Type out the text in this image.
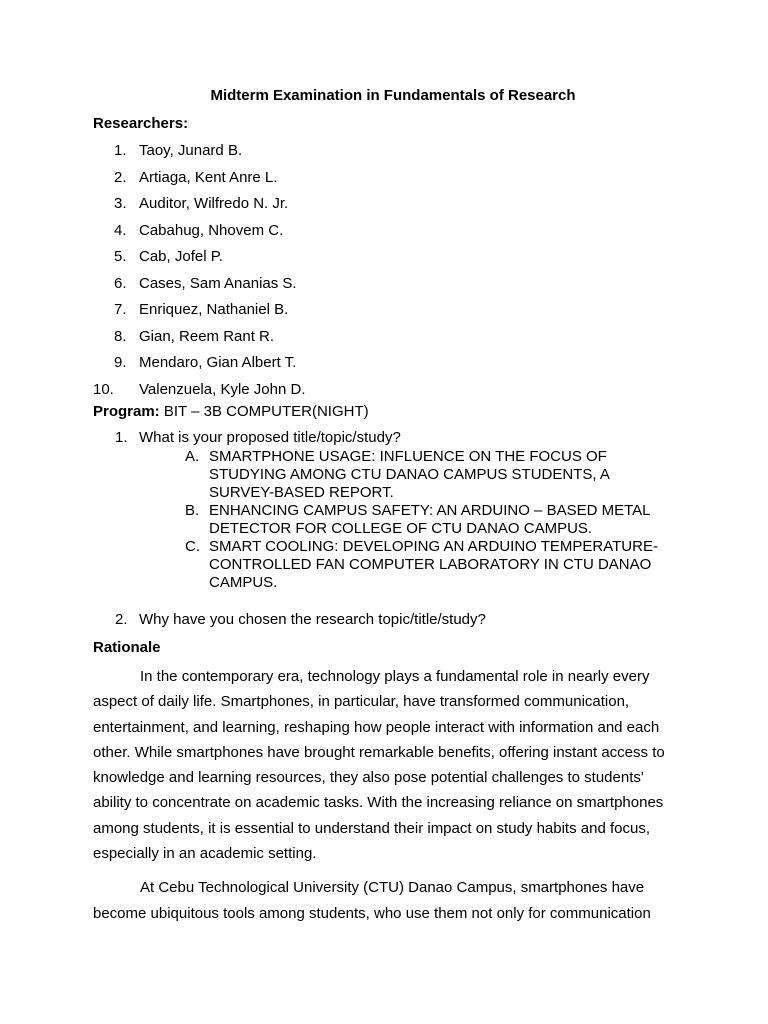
Midterm Examination in Fundamentals of Research

Researchers:

1. Taoy, Junard B.
2. Artiaga, Kent Anre L.
3. Auditor, Wilfredo N. Jr.
4. Cabahug, Nhovem C.
5. Cab, Jofel P.
6. Cases, Sam Ananias S.
7. Enriquez, Nathaniel B.
8. Gian, Reem Rant R.
9. Mendaro, Gian Albert T.
10. Valenzuela, Kyle John D.

Program: BIT – 3B COMPUTER(NIGHT)

1. What is your proposed title/topic/study?
A. SMARTPHONE USAGE: INFLUENCE ON THE FOCUS OF STUDYING AMONG CTU DANAO CAMPUS STUDENTS, A SURVEY-BASED REPORT.
B. ENHANCING CAMPUS SAFETY: AN ARDUINO – BASED METAL DETECTOR FOR COLLEGE OF CTU DANAO CAMPUS.
C. SMART COOLING: DEVELOPING AN ARDUINO TEMPERATURE- CONTROLLED FAN COMPUTER LABORATORY IN CTU DANAO CAMPUS.
2. Why have you chosen the research topic/title/study?

Rationale

In the contemporary era, technology plays a fundamental role in nearly every aspect of daily life. Smartphones, in particular, have transformed communication, entertainment, and learning, reshaping how people interact with information and each other. While smartphones have brought remarkable benefits, offering instant access to knowledge and learning resources, they also pose potential challenges to students' ability to concentrate on academic tasks. With the increasing reliance on smartphones among students, it is essential to understand their impact on study habits and focus, especially in an academic setting.

At Cebu Technological University (CTU) Danao Campus, smartphones have become ubiquitous tools among students, who use them not only for communication
